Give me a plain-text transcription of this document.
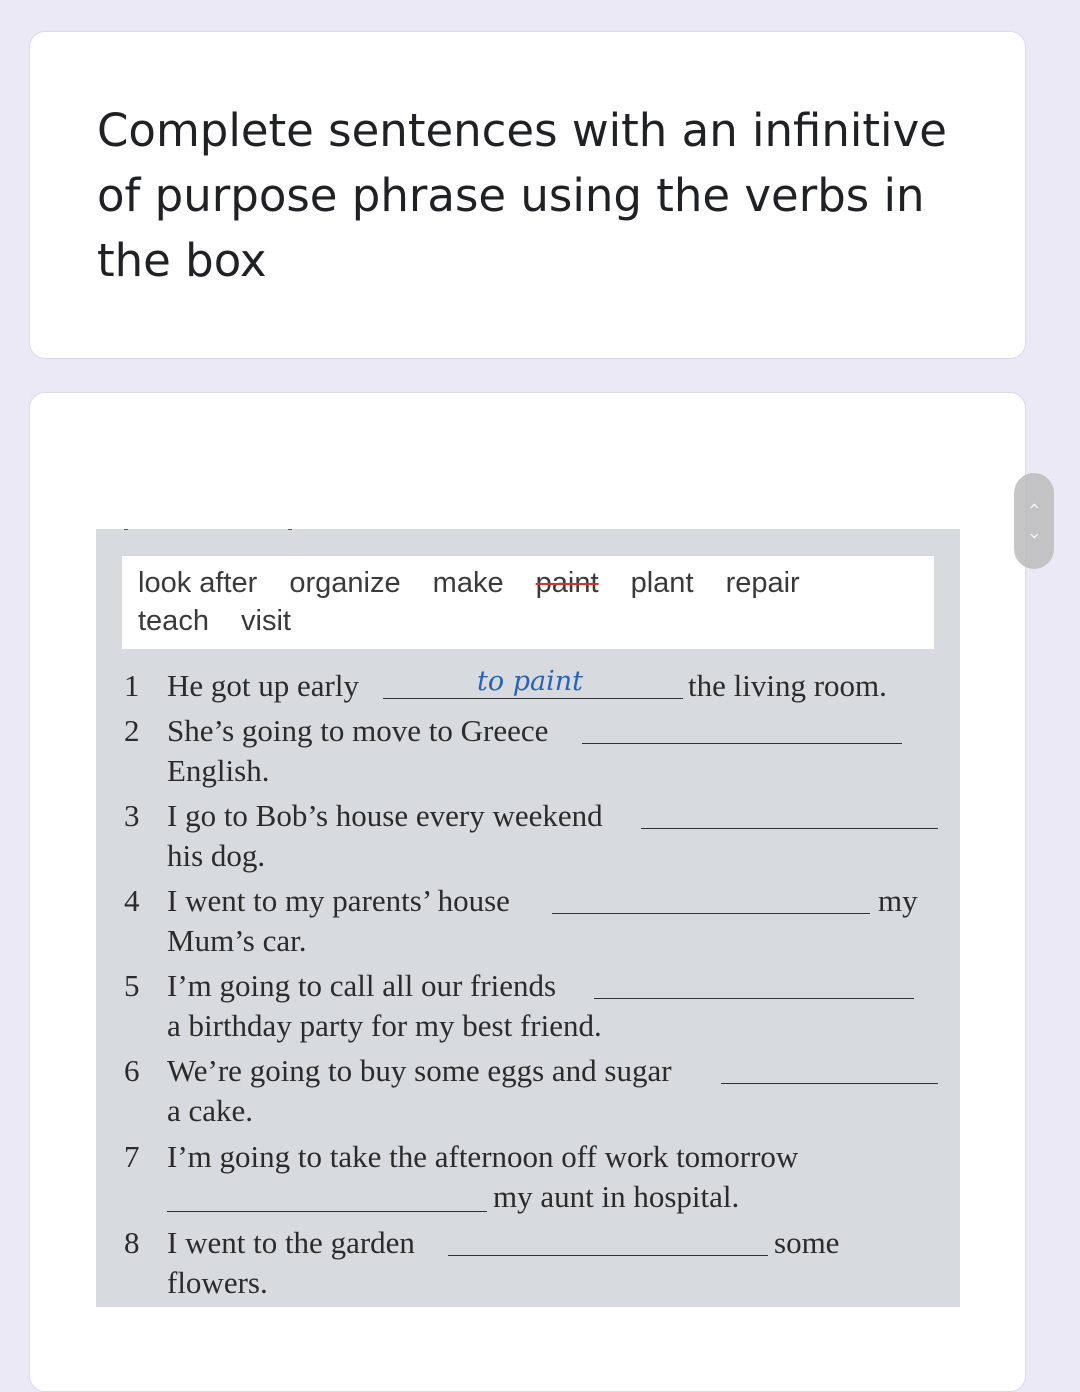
Complete sentences with an infinitive of purpose phrase using the verbs in the box
‹
›
look after organize make paint plant repair
teach visit
1 He got up early	to paint	the living room.
2 She’s going to move to Greece
English.
3 I go to Bob’s house every weekend
his dog.
4 I went to my parents’ house	my
Mum’s car.
5 I’m going to call all our friends
a birthday party for my best friend.
6 We’re going to buy some eggs and sugar
a cake.
7 I’m going to take the afternoon off work tomorrow
my aunt in hospital.
8 I went to the garden	some
flowers.
